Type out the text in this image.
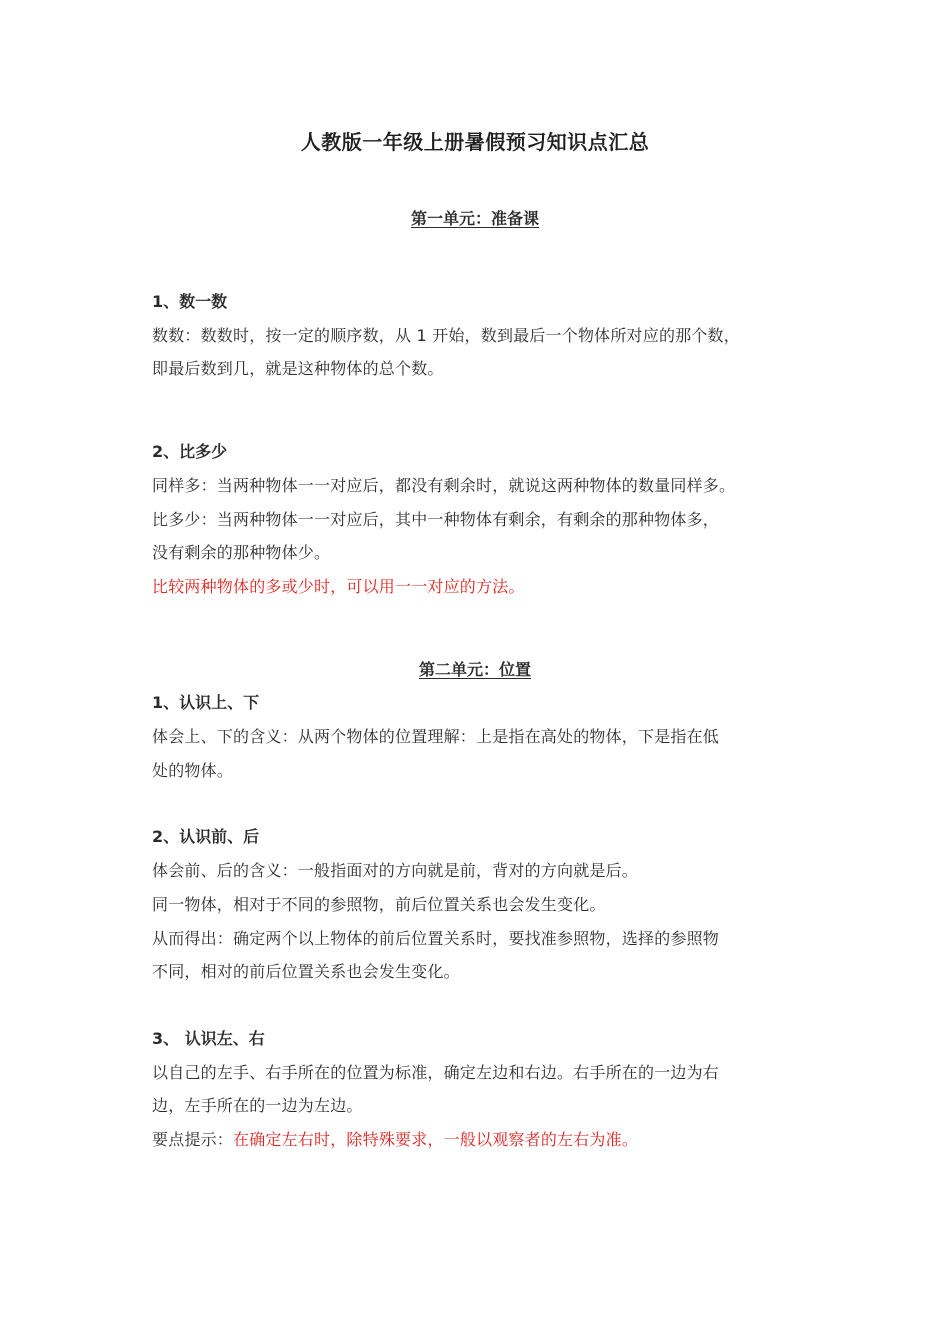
人教版一年级上册暑假预习知识点汇总
第一单元：准备课
1、数一数

数数：数数时，按一定的顺序数，从 1 开始，数到最后一个物体所对应的那个数，

即最后数到几，就是这种物体的总个数。

2、比多少

同样多：当两种物体一一对应后，都没有剩余时，就说这两种物体的数量同样多。

比多少：当两种物体一一对应后，其中一种物体有剩余，有剩余的那种物体多，

没有剩余的那种物体少。

比较两种物体的多或少时，可以用一一对应的方法。

第二单元：位置
1、认识上、下

体会上、下的含义：从两个物体的位置理解：上是指在高处的物体，下是指在低

处的物体。

2、认识前、后

体会前、后的含义：一般指面对的方向就是前，背对的方向就是后。

同一物体，相对于不同的参照物，前后位置关系也会发生变化。

从而得出：确定两个以上物体的前后位置关系时，要找准参照物，选择的参照物

不同，相对的前后位置关系也会发生变化。

3、 认识左、右

以自己的左手、右手所在的位置为标准，确定左边和右边。右手所在的一边为右

边，左手所在的一边为左边。

要点提示：在确定左右时，除特殊要求，一般以观察者的左右为准。
